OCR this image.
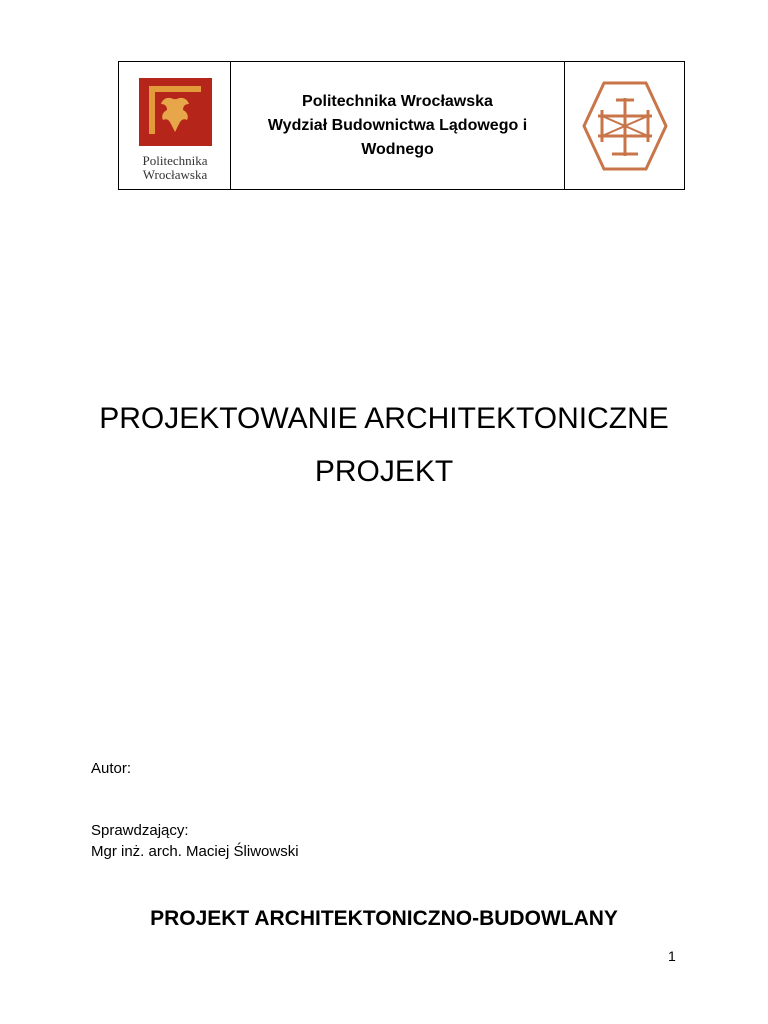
Politechnika
Wrocławska
Politechnika Wrocławska
Wydział Budownictwa Lądowego i
Wodnego
PROJEKTOWANIE ARCHITEKTONICZNE
PROJEKT
Autor:
Sprawdzający:
Mgr inż. arch. Maciej Śliwowski
PROJEKT ARCHITEKTONICZNO-BUDOWLANY
1
